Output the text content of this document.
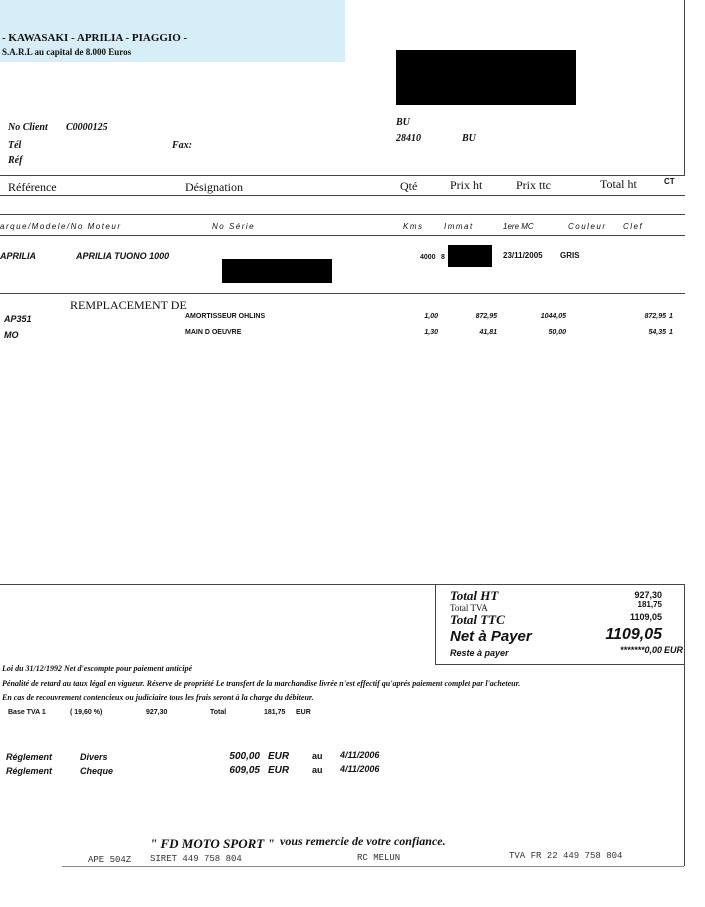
- KAWASAKI - APRILIA - PIAGGIO -
S.A.R.L au capital de 8.000 Euros
No Client C0000125
Tél	Fax:
Réf
BU
28410	BU
Référence	Désignation	Qté	Prix ht	Prix ttc	Total ht	CT
arque/Modele/No Moteur	No Série	Kms	Immat	1ere MC	Couleur Clef
APRILIA	APRILIA TUONO 1000	4000 8	23/11/2005 GRIS
REMPLACEMENT DE
AP351	AMORTISSEUR OHLINS	1,00	872,95	1044,05	872,95 1
MO	MAIN D OEUVRE	1,30	41,81	50,00	54,35 1
Total HT	927,30
Total TVA	181,75
Total TTC	1109,05
Net à Payer	1109,05
Reste à payer	*******0,00 EUR
Loi du 31/12/1992 Net d'escompte pour paiement anticipé
Pénalité de retard au taux légal en vigueur. Réserve de propriété Le transfert de la marchandise livrée n'est effectif qu'aprés paiement complet par l'acheteur.
En cas de recouvrement contencieux ou judiciaire tous les frais seront à la charge du débiteur.
Base TVA 1	( 19,60 %)	927,30	Total	181,75 EUR
Réglement	Divers	500,00 EUR	au 4/11/2006
Réglement	Cheque	609,05 EUR	au 4/11/2006
" FD MOTO SPORT " vous remercie de votre confiance.
APE 504Z SIRET 449 758 804	RC MELUN	TVA FR 22 449 758 804
